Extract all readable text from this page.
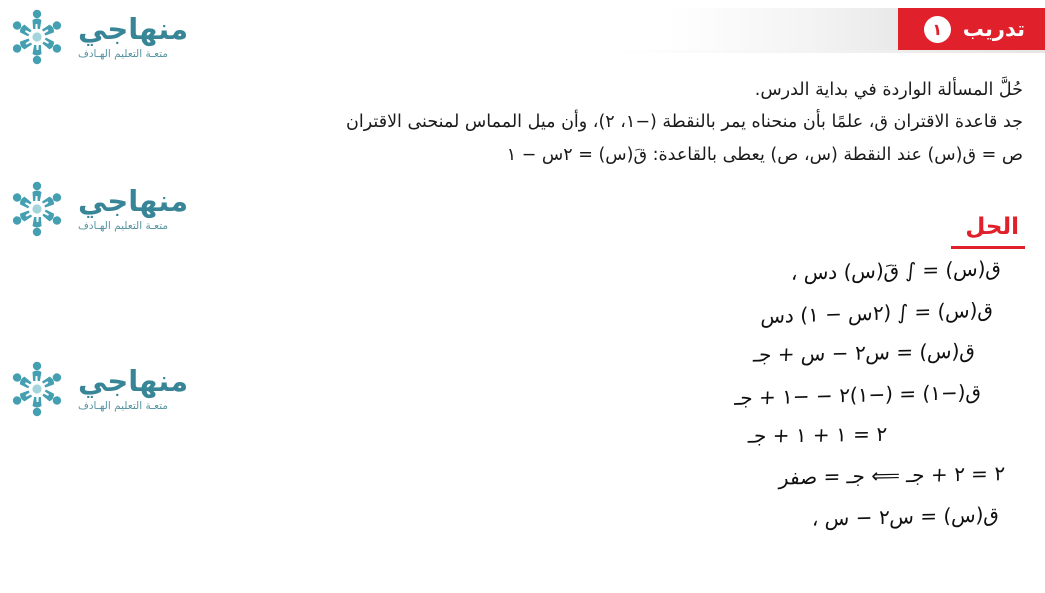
منهاجي
متعـة التعليم الهـادف
منهاجي
متعـة التعليم الهـادف
منهاجي
متعـة التعليم الهـادف
تدريب
١

حُلَّ المسألة الواردة في بداية الدرس.

جد قاعدة الاقتران ق، علمًا بأن منحناه يمر بالنقطة (−١، ٢)، وأن ميل المماس لمنحنى الاقتران

ص = ق(س) عند النقطة (س، ص) يعطى بالقاعدة: قَ(س) = ٢س − ١

الحل
ق(س) = ∫ قَ(س) دس ،
ق(س) = ∫ (٢س − ١) دس
ق(س) = س٢ − س + جـ
ق(−١) = (−١)٢ − −١ + جـ
٢ = ١ + ١ + جـ
٢ = ٢ + جـ ⟸ جـ = صفر
ق(س) = س٢ − س ،
